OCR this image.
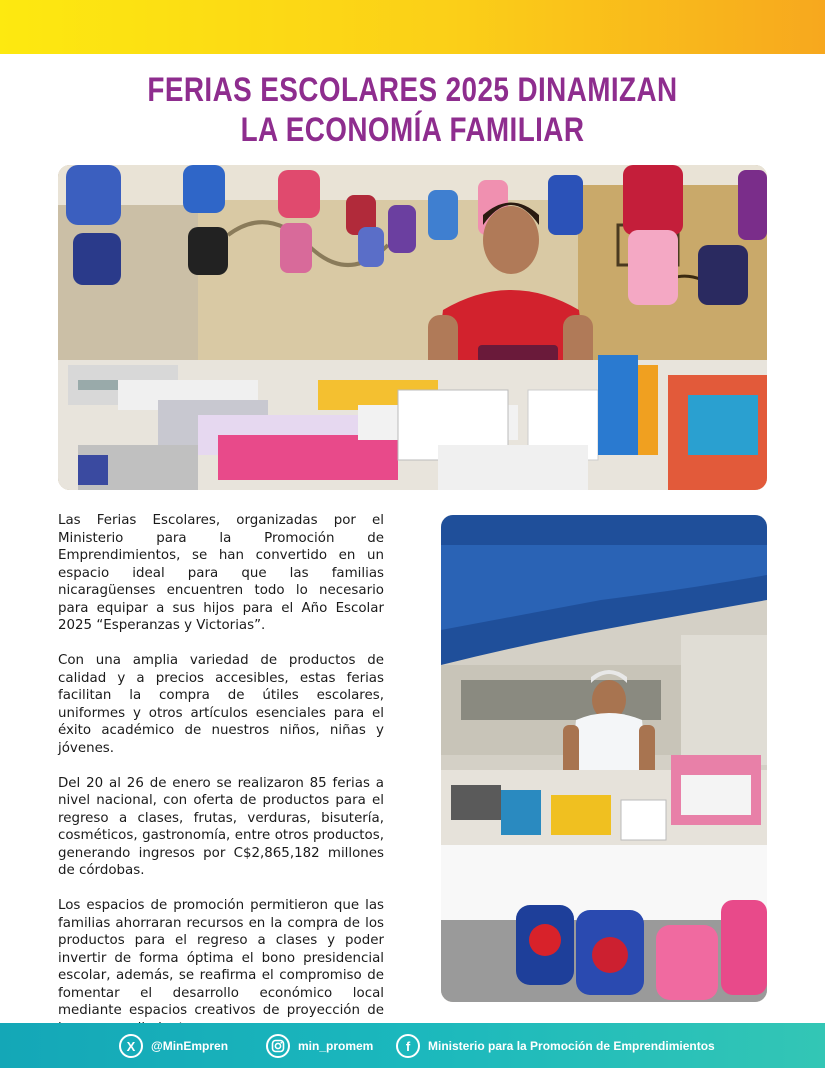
FERIAS ESCOLARES 2025 DINAMIZAN
LA ECONOMÍA FAMILIAR

Las Ferias Escolares, organizadas por el Ministerio para la Promoción de Emprendimientos, se han convertido en un espacio ideal para que las familias nicaragüenses encuentren todo lo necesario para equipar a sus hijos para el Año Escolar 2025 “Esperanzas y Victorias”.

Con una amplia variedad de productos de calidad y a precios accesibles, estas ferias facilitan la compra de útiles escolares, uniformes y otros artículos esenciales para el éxito académico de nuestros niños, niñas y jóvenes.

Del 20 al 26 de enero se realizaron 85 ferias a nivel nacional, con oferta de productos para el regreso a clases, frutas, verduras, bisutería, cosméticos, gastronomía, entre otros productos, generando ingresos por C$2,865,182 millones de córdobas.

Los espacios de promoción permitieron que las familias ahorraran recursos en la compra de los productos para el regreso a clases y poder invertir de forma óptima el bono presidencial escolar, además, se reafirma el compromiso de fomentar el desarrollo económico local mediante espacios creativos de proyección de

X	@MinEmpren	min_promem	f	Ministerio para la Promoción de Emprendimientos
